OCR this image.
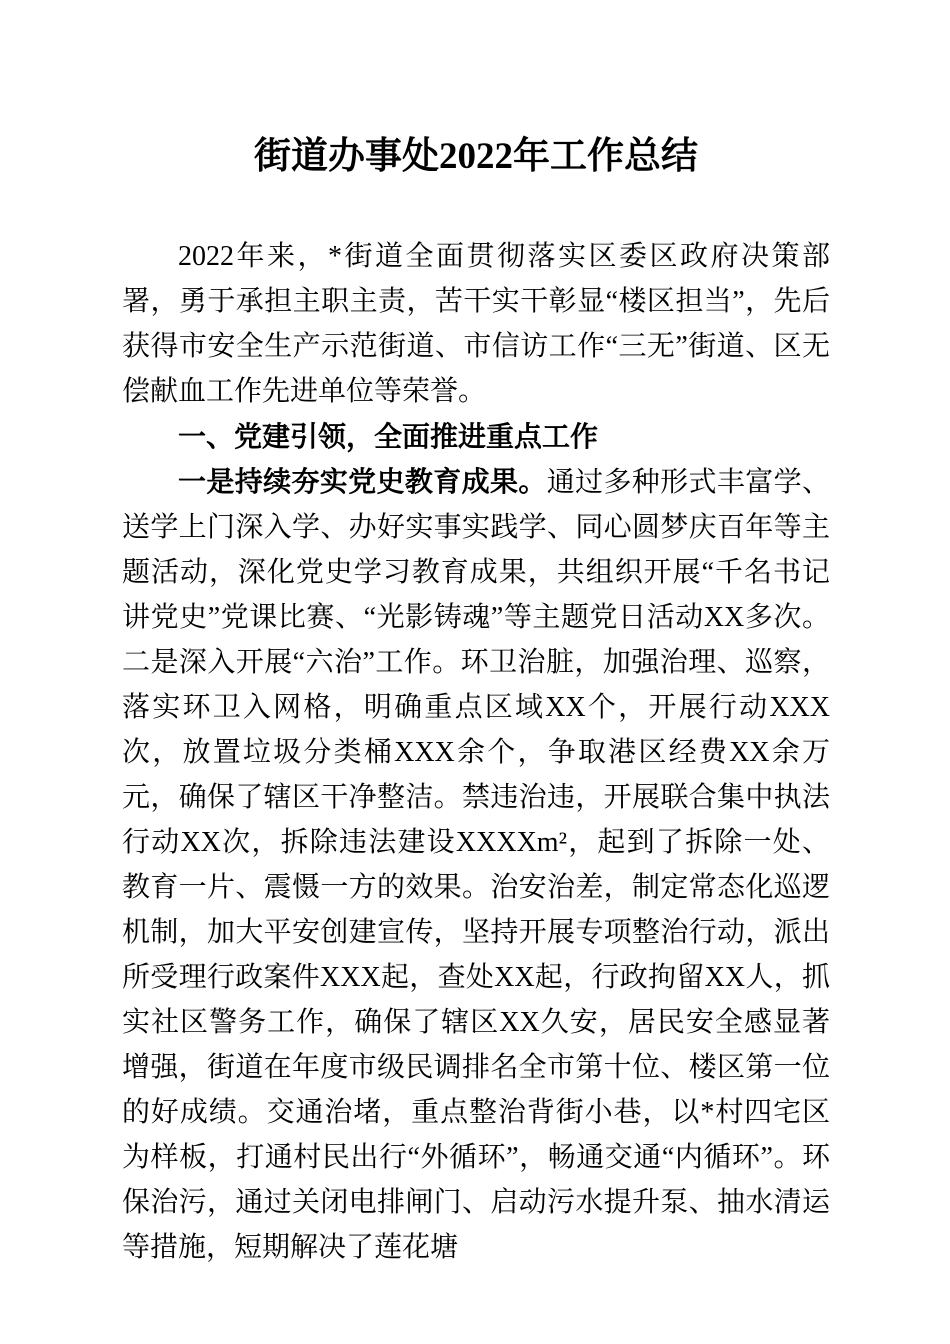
街道办事处2022年工作总结

2022年来，*街道全面贯彻落实区委区政府决策部署，勇于承担主职主责，苦干实干彰显“楼区担当”，先后获得市安全生产示范街道、市信访工作“三无”街道、区无偿献血工作先进单位等荣誉。

一、党建引领，全面推进重点工作

一是持续夯实党史教育成果。通过多种形式丰富学、送学上门深入学、办好实事实践学、同心圆梦庆百年等主题活动，深化党史学习教育成果，共组织开展“千名书记讲党史”党课比赛、“光影铸魂”等主题党日活动XX多次。二是深入开展“六治”工作。环卫治脏，加强治理、巡察，落实环卫入网格，明确重点区域XX个，开展行动XXX次，放置垃圾分类桶XXX余个，争取港区经费XX余万元，确保了辖区干净整洁。禁违治违，开展联合集中执法行动XX次，拆除违法建设XXXXm²，起到了拆除一处、教育一片、震慑一方的效果。治安治差，制定常态化巡逻机制，加大平安创建宣传，坚持开展专项整治行动，派出所受理行政案件XXX起，查处XX起，行政拘留XX人，抓实社区警务工作，确保了辖区XX久安，居民安全感显著增强，街道在年度市级民调排名全市第十位、楼区第一位的好成绩。交通治堵，重点整治背街小巷，以*村四宅区为样板，打通村民出行“外循环”，畅通交通“内循环”。环保治污，通过关闭电排闸门、启动污水提升泵、抽水清运等措施，短期解决了莲花塘
